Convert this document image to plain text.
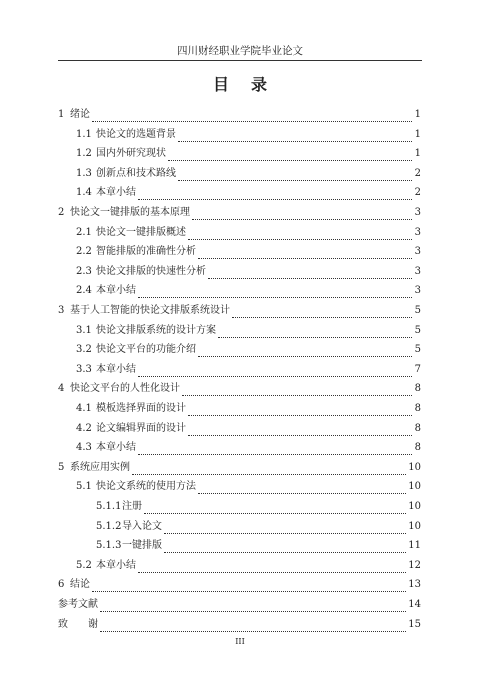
四川财经职业学院毕业论文
目 录
1 绪论	1
1.1 快论文的选题背景	1
1.2 国内外研究现状	1
1.3 创新点和技术路线	2
1.4 本章小结	2
2 快论文一键排版的基本原理	3
2.1 快论文一键排版概述	3
2.2 智能排版的准确性分析	3
2.3 快论文排版的快速性分析	3
2.4 本章小结	3
3 基于人工智能的快论文排版系统设计	5
3.1 快论文排版系统的设计方案	5
3.2 快论文平台的功能介绍	5
3.3 本章小结	7
4 快论文平台的人性化设计	8
4.1 模板选择界面的设计	8
4.2 论文编辑界面的设计	8
4.3 本章小结	8
5 系统应用实例	10
5.1 快论文系统的使用方法	10
5.1.1 注册	10
5.1.2 导入论文	10
5.1.3 一键排版	11
5.2 本章小结	12
6 结论	13
参考文献	14
致　　谢	15
III
